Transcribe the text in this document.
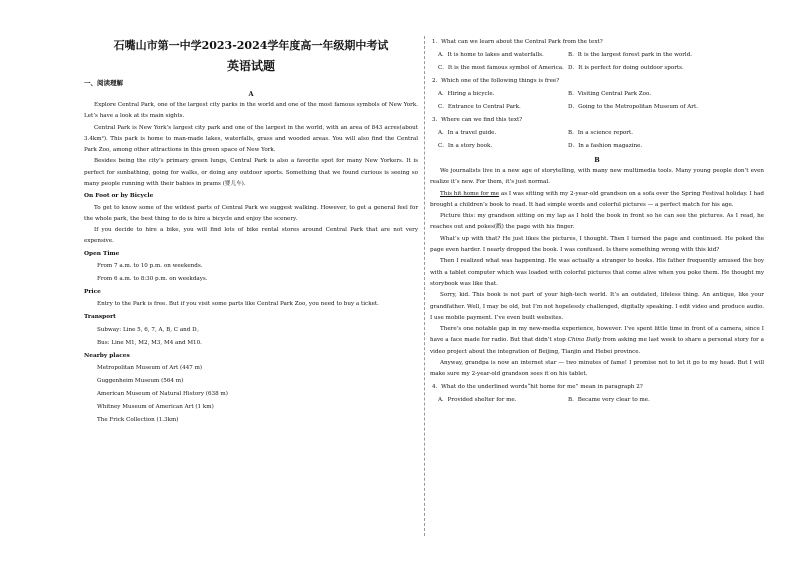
石嘴山市第一中学2023-2024学年度高一年级期中考试
英语试题
一、阅读理解
A

Explore Central Park, one of the largest city parks in the world and one of the most famous symbols of New York. Let’s have a look at its main sights.

Central Park is New York’s largest city park and one of the largest in the world, with an area of 843 acres(about 3.4km²). This park is home to man-made lakes, waterfalls, grass and wooded areas. You will also find the Central Park Zoo, among other attractions in this green space of New York.

Besides being the city’s primary green lungs, Central Park is also a favorite spot for many New Yorkers. It is perfect for sunbathing, going for walks, or doing any outdoor sports. Something that we found curious is seeing so many people running with their babies in prams (婴儿车).

On Foot or by Bicycle

To get to know some of the wildest parts of Central Park we suggest walking. However, to get a general feel for the whole park, the best thing to do is hire a bicycle and enjoy the scenery.

If you decide to hire a bike, you will find lots of bike rental stores around Central Park that are not very expensive.

Open Time
From 7 a.m. to 10 p.m. on weekends.
From 6 a.m. to 8:30 p.m. on weekdays.
Price
Entry to the Park is free. But if you visit some parts like Central Park Zoo, you need to buy a ticket.
Transport
Subway: Line 5, 6, 7, A, B, C and D。
Bus: Line M1, M2, M3, M4 and M10.
Nearby places
Metropolitan Museum of Art (447 m)
Guggenheim Museum (564 m)
American Museum of Natural History (638 m)
Whitney Museum of American Art (1 km)
The Frick Collection (1.3km)
1．What can we learn about the Central Park from the text?
A．It is home to lakes and waterfalls.	B．It is the largest forest park in the world.
C．It is the most famous symbol of America. D．It is perfect for doing outdoor sports.
2．Which one of the following things is free?
A．Hiring a bicycle.	B．Visiting Central Park Zoo.
C．Entrance to Central Park.	D．Going to the Metropolitan Museum of Art.
3．Where can we find this text?
A．In a travel guide.	B．In a science report.
C．In a story book.	D．In a fashion magazine.
B

We journalists live in a new age of storytelling, with many new multimedia tools. Many young people don’t even realize it’s new. For them, it’s just normal.

This hit home for me as I was sitting with my 2-year-old grandson on a sofa over the Spring Festival holiday. I had brought a children’s book to read. It had simple words and colorful pictures — a perfect match for his age.

Picture this: my grandson sitting on my lap as I hold the book in front so he can see the pictures. As I read, he reaches out and pokes(戳) the page with his finger.

What’s up with that? He just likes the pictures, I thought. Then I turned the page and continued. He poked the page even harder. I nearly dropped the book. I was confused. Is there something wrong with this kid?

Then I realized what was happening. He was actually a stranger to books. His father frequently amused the boy with a tablet computer which was loaded with colorful pictures that come alive when you poke them. He thought my storybook was like that.

Sorry, kid. This book is not part of your high-tech world. It’s an outdated, lifeless thing. An antique, like your grandfather. Well, I may be old, but I’m not hopelessly challenged, digitally speaking. I edit video and produce audio. I use mobile payment. I’ve even built websites.

There’s one notable gap in my new-media experience, however. I’ve spent little time in front of a camera, since I have a face made for radio. But that didn’t stop China Daily from asking me last week to share a personal story for a video project about the integration of Beijing, Tianjin and Hebei province.

Anyway, grandpa is now an internet star — two minutes of fame! I promise not to let it go to my head. But I will make sure my 2-year-old grandson sees it on his tablet.

4．What do the underlined words“hit home for me” mean in paragraph 2?
A．Provided shelter for me.	B．Became very clear to me.
